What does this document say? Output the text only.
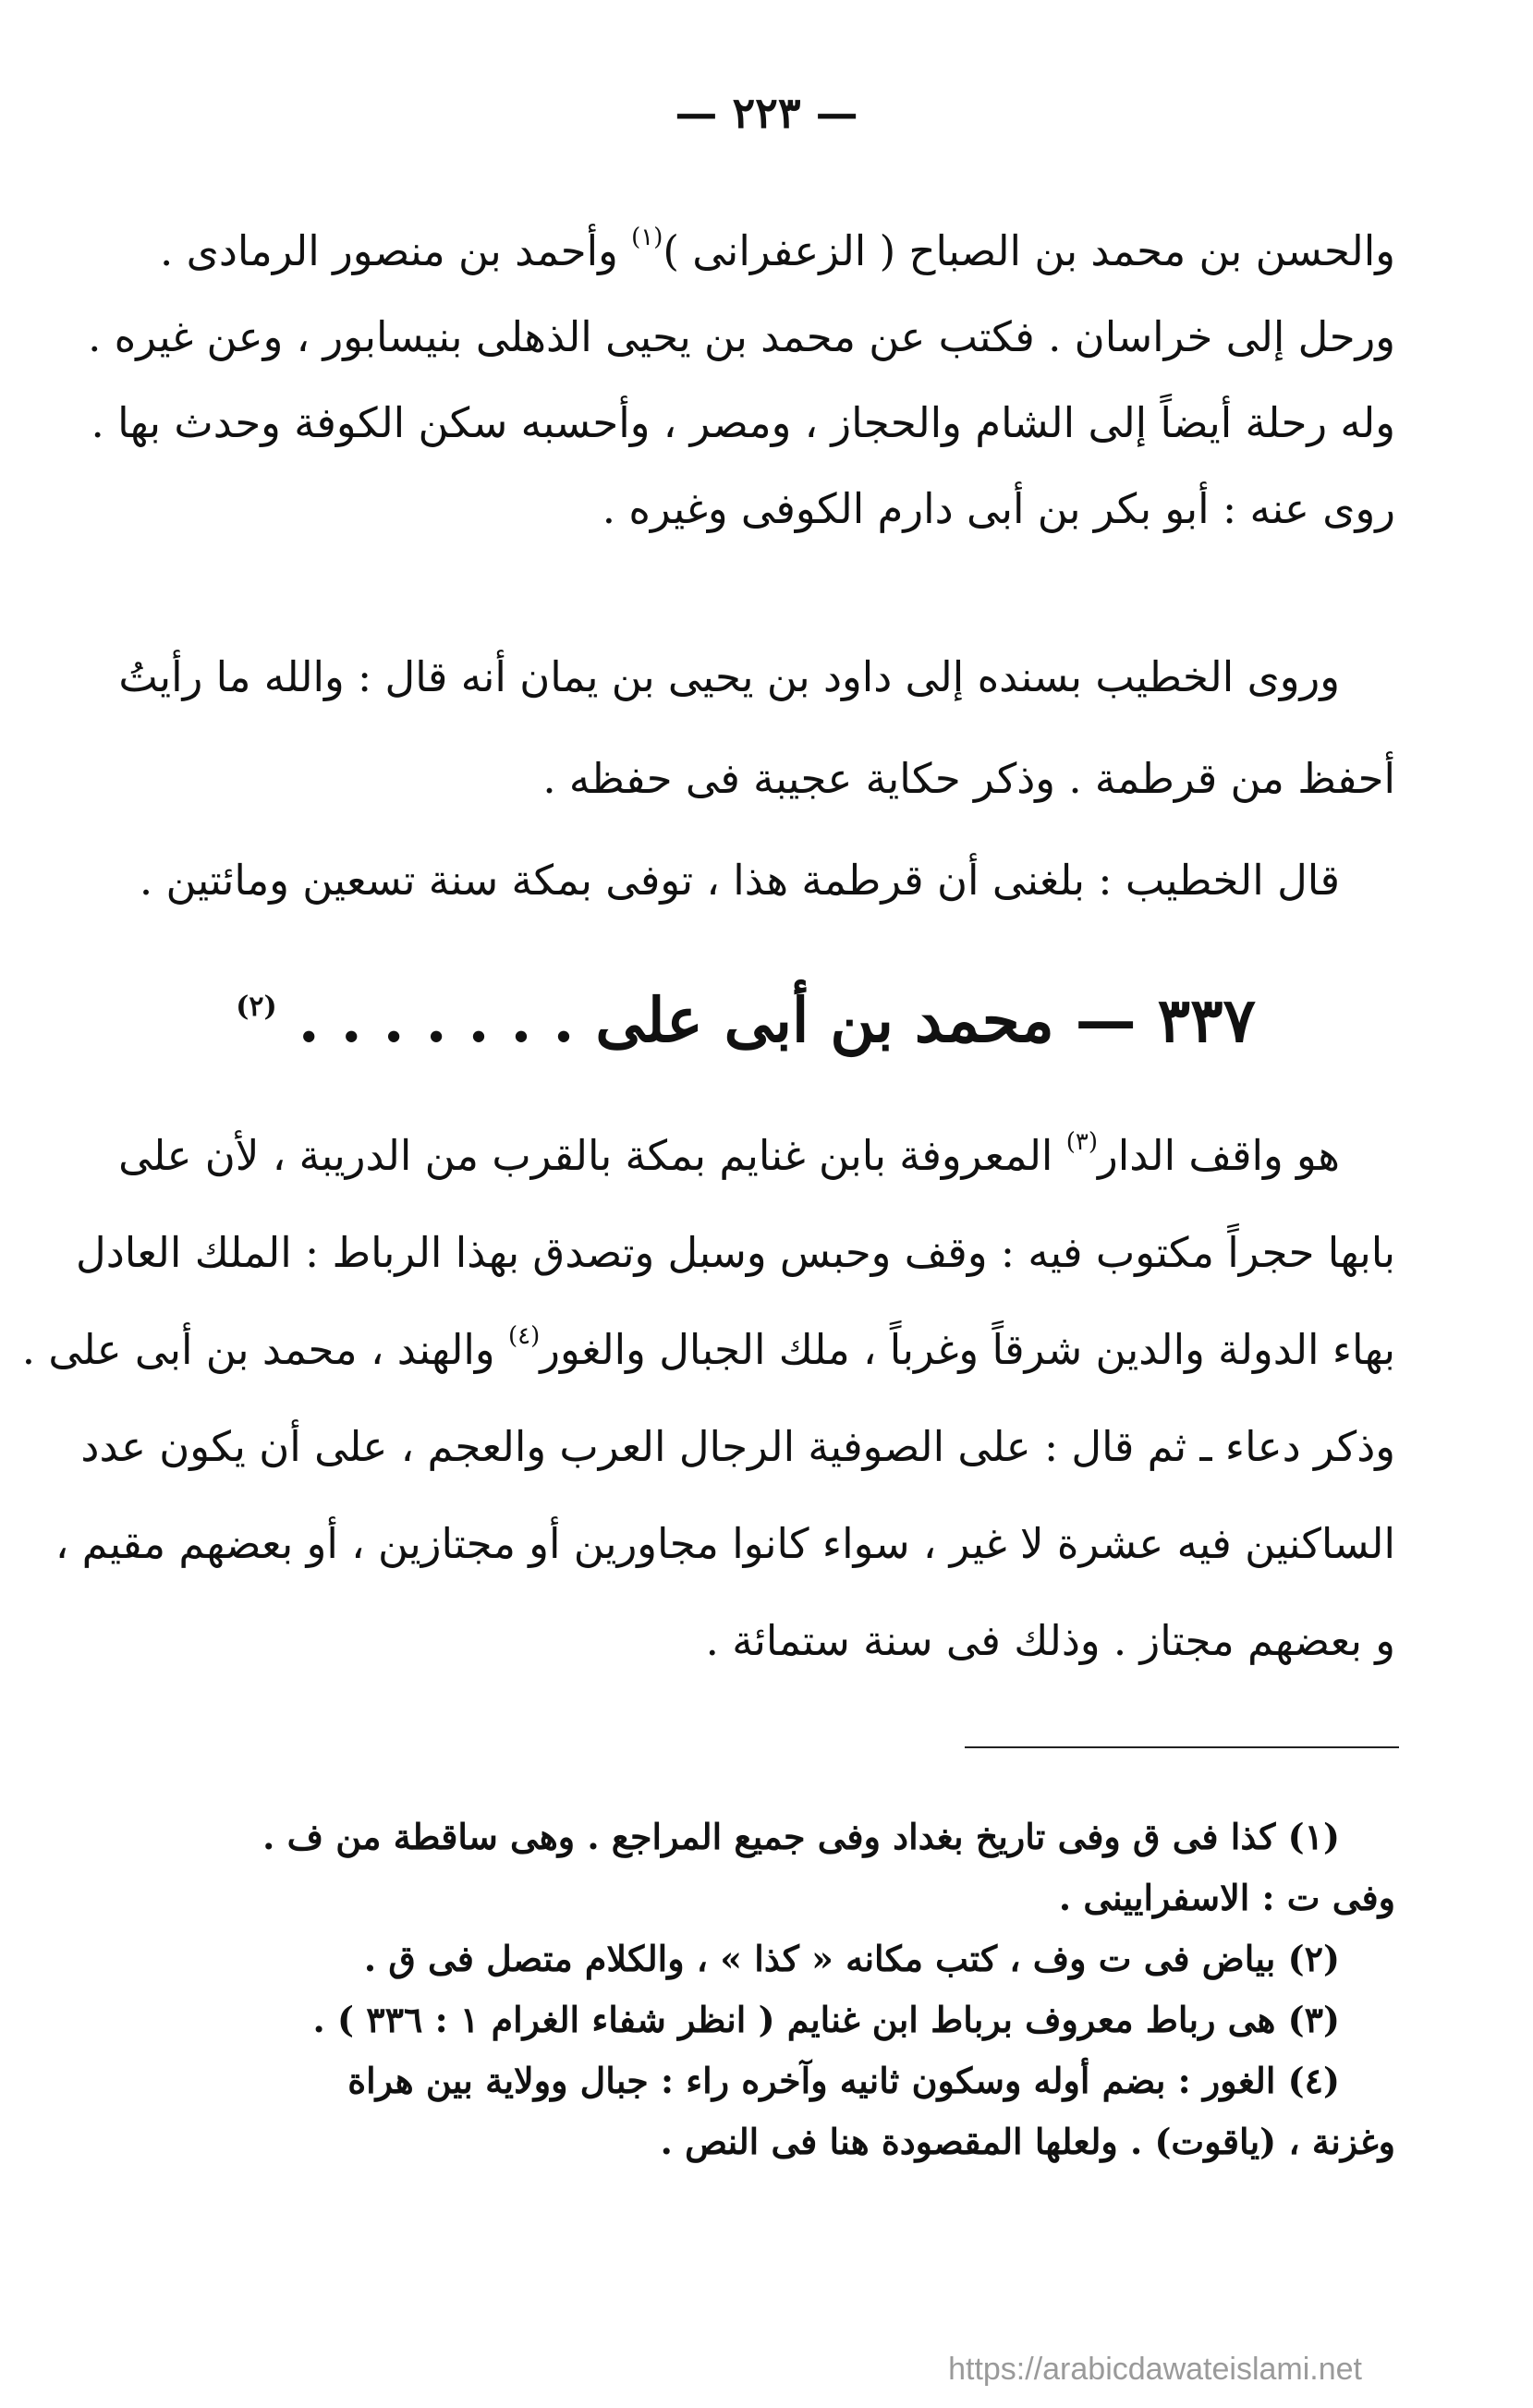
— ٢٢٣ —

والحسن بن محمد بن الصباح ( الزعفرانى )$^{(١)}$ وأحمد بن منصور الرمادى .

ورحل إلى خراسان . فكتب عن محمد بن يحيى الذهلى بنيسابور ، وعن غيره .

وله رحلة أيضاً إلى الشام والحجاز ، ومصر ، وأحسبه سكن الكوفة وحدث بها .

روى عنه : أبو بكر بن أبى دارم الكوفى وغيره .

وروى الخطيب بسنده إلى داود بن يحيى بن يمان أنه قال : والله ما رأيتُ

أحفظ من قرطمة . وذكر حكاية عجيبة فى حفظه .

قال الخطيب : بلغنى أن قرطمة هذا ، توفى بمكة سنة تسعين ومائتين .

٣٣٧ — محمد بن أبى على . . . . . . . $^{(٢)}$

هو واقف الدار$^{(٣)}$ المعروفة بابن غنايم بمكة بالقرب من الدريبة ، لأن على

بابها حجراً مكتوب فيه : وقف وحبس وسبل وتصدق بهذا الرباط : الملك العادل

بهاء الدولة والدين شرقاً وغرباً ، ملك الجبال والغور$^{(٤)}$ والهند ، محمد بن أبى على .

وذكر دعاء ـ ثم قال : على الصوفية الرجال العرب والعجم ، على أن يكون عدد

الساكنين فيه عشرة لا غير ، سواء كانوا مجاورين أو مجتازين ، أو بعضهم مقيم ،

و بعضهم مجتاز . وذلك فى سنة ستمائة .

(١) كذا فى ق وفى تاريخ بغداد وفى جميع المراجع . وهى ساقطة من ف .

وفى ت : الاسفرايينى .

(٢) بياض فى ت وف ، كتب مكانه « كذا » ، والكلام متصل فى ق .

(٣) هى رباط معروف برباط ابن غنايم ( انظر شفاء الغرام ١ : ٣٣٦ ) .

(٤) الغور : بضم أوله وسكون ثانيه وآخره راء : جبال وولاية بين هراة

وغزنة ، (ياقوت) . ولعلها المقصودة هنا فى النص .

https://arabicdawateislami.net
